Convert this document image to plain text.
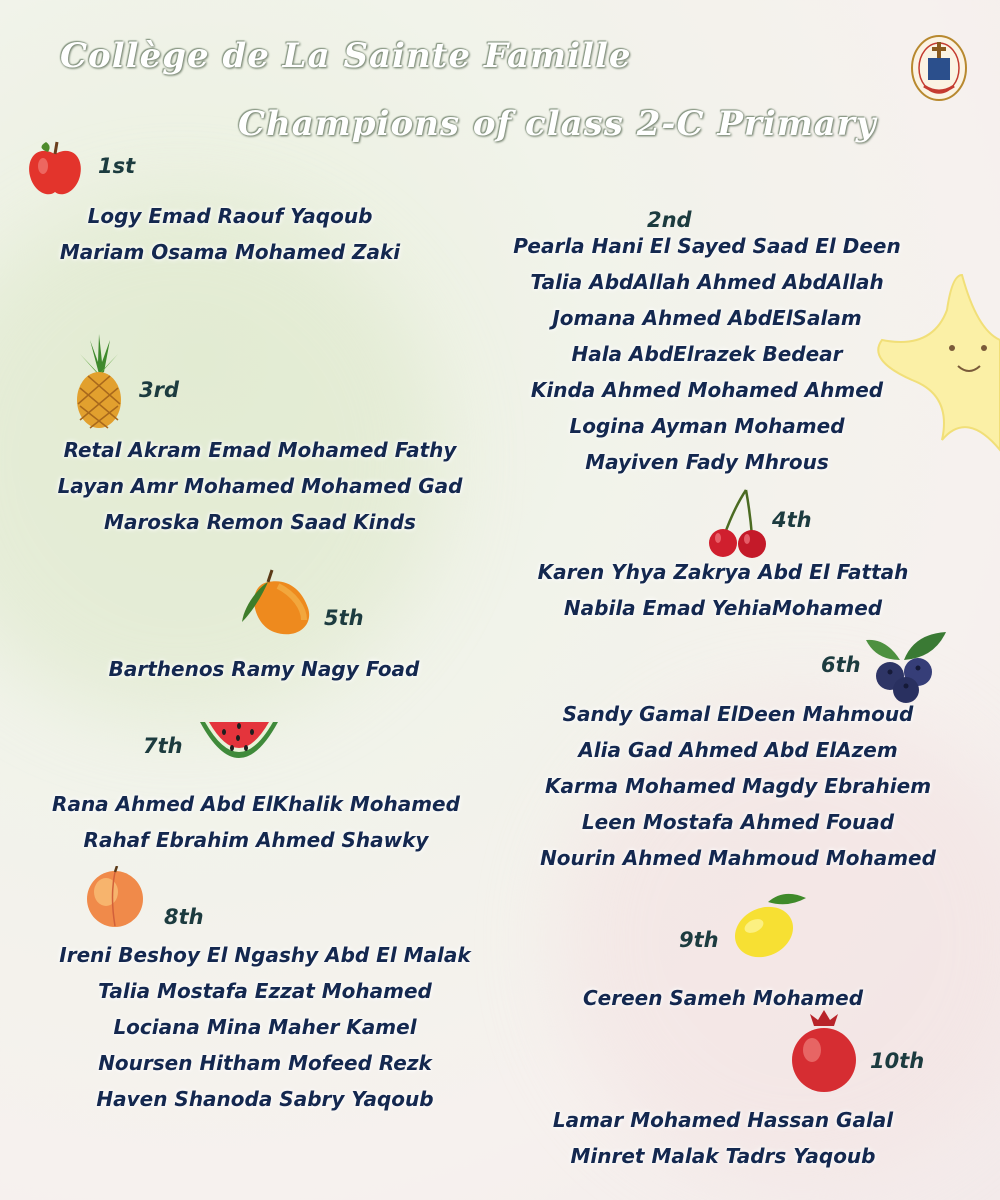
Collège de La Sainte Famille
Champions of class 2-C Primary
1st
Logy Emad Raouf Yaqoub
Mariam Osama Mohamed Zaki
2nd
Pearla Hani El Sayed Saad El Deen
Talia AbdAllah Ahmed AbdAllah
Jomana Ahmed AbdElSalam
Hala AbdElrazek Bedear
Kinda Ahmed Mohamed Ahmed
Logina Ayman Mohamed
Mayiven Fady Mhrous
3rd
Retal Akram Emad Mohamed Fathy
Layan Amr Mohamed Mohamed Gad
Maroska Remon Saad Kinds	4th
Karen Yhya Zakrya Abd El Fattah
Nabila Emad YehiaMohamed
5th
Barthenos Ramy Nagy Foad	6th
Sandy Gamal ElDeen Mahmoud
Alia Gad Ahmed Abd ElAzem
Karma Mohamed Magdy Ebrahiem
Leen Mostafa Ahmed Fouad
Nourin Ahmed Mahmoud Mohamed
7th
Rana Ahmed Abd ElKhalik Mohamed
Rahaf Ebrahim Ahmed Shawky
8th
Ireni Beshoy El Ngashy Abd El Malak
Talia Mostafa Ezzat Mohamed
Lociana Mina Maher Kamel
Noursen Hitham Mofeed Rezk
Haven Shanoda Sabry Yaqoub
9th
Cereen Sameh Mohamed
10th
Lamar Mohamed Hassan Galal
Minret Malak Tadrs Yaqoub
